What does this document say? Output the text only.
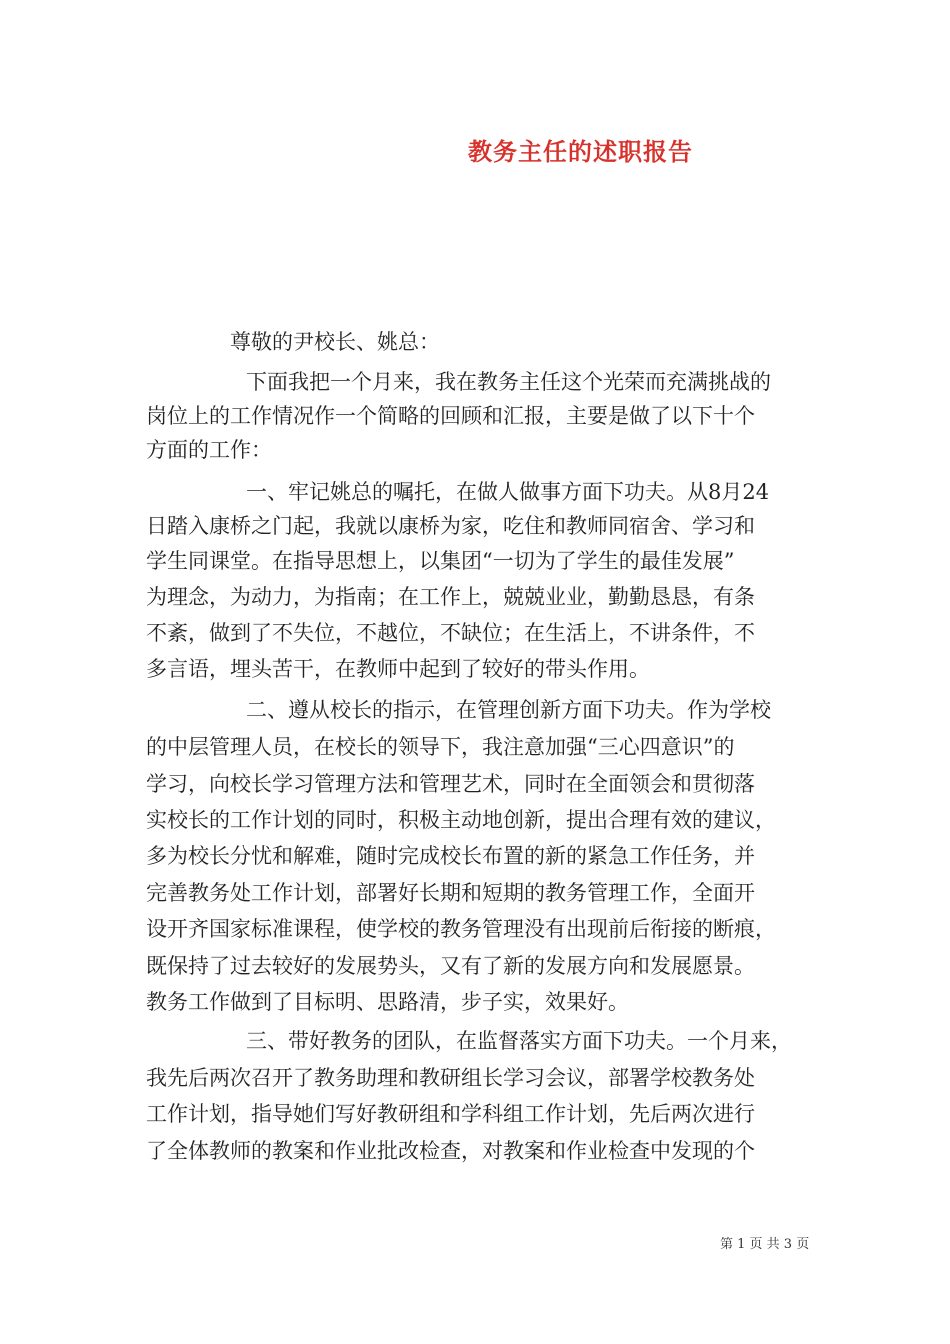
教务主任的述职报告
尊敬的尹校长、姚总：
下面我把一个月来，我在教务主任这个光荣而充满挑战的
岗位上的工作情况作一个简略的回顾和汇报，主要是做了以下十个
方面的工作：
一、牢记姚总的嘱托，在做人做事方面下功夫。从8月24
日踏入康桥之门起，我就以康桥为家，吃住和教师同宿舍、学习和
学生同课堂。在指导思想上，以集团“一切为了学生的最佳发展”
为理念，为动力，为指南；在工作上，兢兢业业，勤勤恳恳，有条
不紊，做到了不失位，不越位，不缺位；在生活上，不讲条件，不
多言语，埋头苦干，在教师中起到了较好的带头作用。
二、遵从校长的指示，在管理创新方面下功夫。作为学校
的中层管理人员，在校长的领导下，我注意加强“三心四意识”的
学习，向校长学习管理方法和管理艺术，同时在全面领会和贯彻落
实校长的工作计划的同时，积极主动地创新，提出合理有效的建议，
多为校长分忧和解难，随时完成校长布置的新的紧急工作任务，并
完善教务处工作计划，部署好长期和短期的教务管理工作，全面开
设开齐国家标准课程，使学校的教务管理没有出现前后衔接的断痕，
既保持了过去较好的发展势头，又有了新的发展方向和发展愿景。
教务工作做到了目标明、思路清，步子实，效果好。
三、带好教务的团队，在监督落实方面下功夫。一个月来，
我先后两次召开了教务助理和教研组长学习会议，部署学校教务处
工作计划，指导她们写好教研组和学科组工作计划，先后两次进行
了全体教师的教案和作业批改检查，对教案和作业检查中发现的个
第 1 页 共 3 页
